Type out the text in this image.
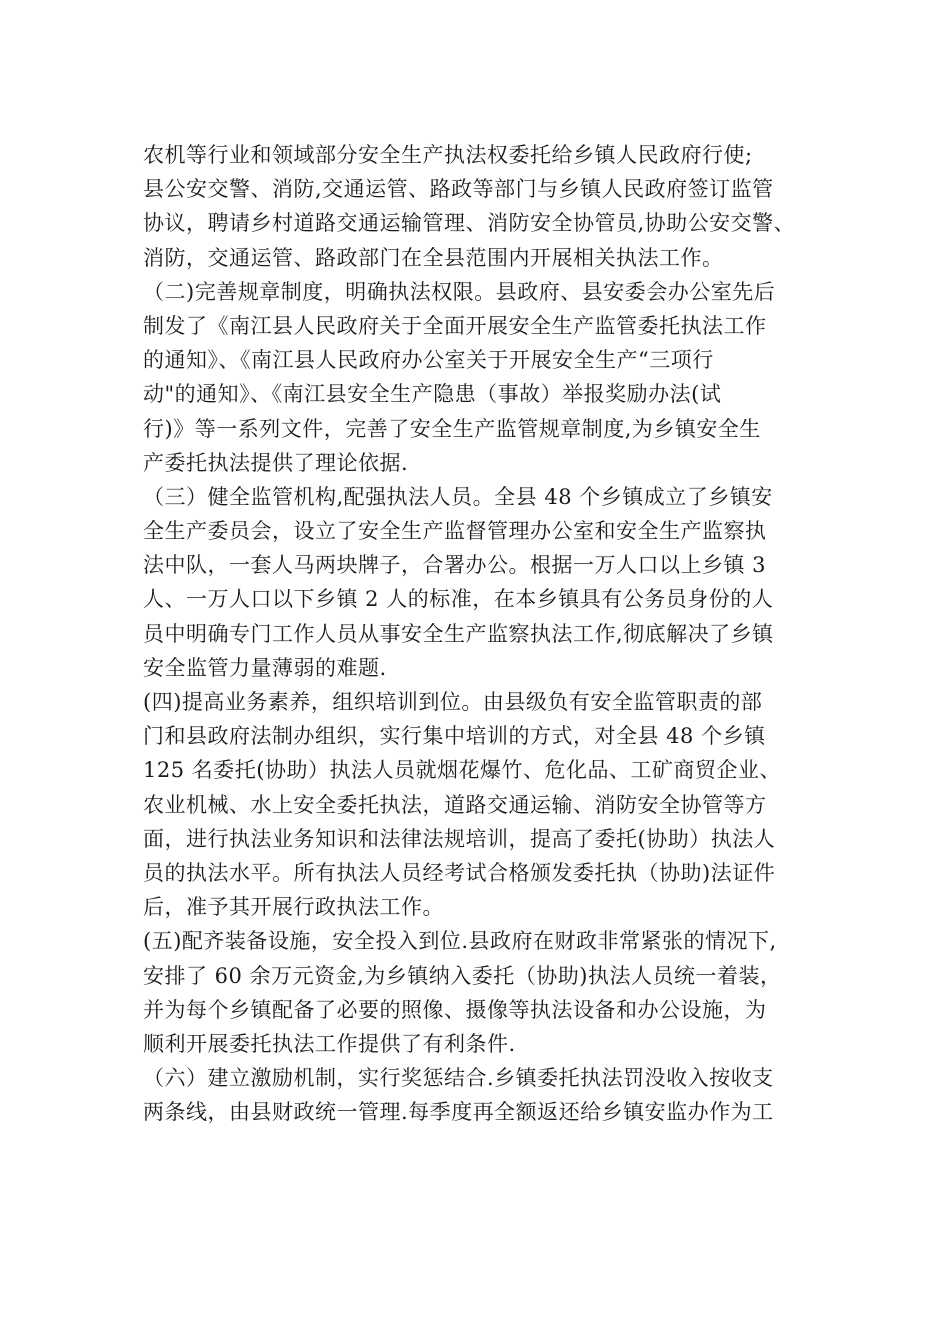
农机等行业和领域部分安全生产执法权委托给乡镇人民政府行使;
县公安交警、消防,交通运管、路政等部门与乡镇人民政府签订监管
协议，聘请乡村道路交通运输管理、消防安全协管员,协助公安交警、
消防，交通运管、路政部门在全县范围内开展相关执法工作。
（二)完善规章制度，明确执法权限。县政府、县安委会办公室先后
制发了《南江县人民政府关于全面开展安全生产监管委托执法工作
的通知》、《南江县人民政府办公室关于开展安全生产“三项行
动"的通知》、《南江县安全生产隐患（事故）举报奖励办法(试
行)》等一系列文件，完善了安全生产监管规章制度,为乡镇安全生
产委托执法提供了理论依据.
（三）健全监管机构,配强执法人员。全县 48 个乡镇成立了乡镇安
全生产委员会，设立了安全生产监督管理办公室和安全生产监察执
法中队，一套人马两块牌子，合署办公。根据一万人口以上乡镇 3
人、一万人口以下乡镇 2 人的标准，在本乡镇具有公务员身份的人
员中明确专门工作人员从事安全生产监察执法工作,彻底解决了乡镇
安全监管力量薄弱的难题.
(四)提高业务素养，组织培训到位。由县级负有安全监管职责的部
门和县政府法制办组织，实行集中培训的方式，对全县 48 个乡镇
125 名委托(协助）执法人员就烟花爆竹、危化品、工矿商贸企业、
农业机械、水上安全委托执法，道路交通运输、消防安全协管等方
面，进行执法业务知识和法律法规培训，提高了委托(协助）执法人
员的执法水平。所有执法人员经考试合格颁发委托执（协助)法证件
后，准予其开展行政执法工作。
(五)配齐装备设施，安全投入到位.县政府在财政非常紧张的情况下,
安排了 60 余万元资金,为乡镇纳入委托（协助)执法人员统一着装，
并为每个乡镇配备了必要的照像、摄像等执法设备和办公设施，为
顺利开展委托执法工作提供了有利条件.
（六）建立激励机制，实行奖惩结合.乡镇委托执法罚没收入按收支
两条线，由县财政统一管理.每季度再全额返还给乡镇安监办作为工
